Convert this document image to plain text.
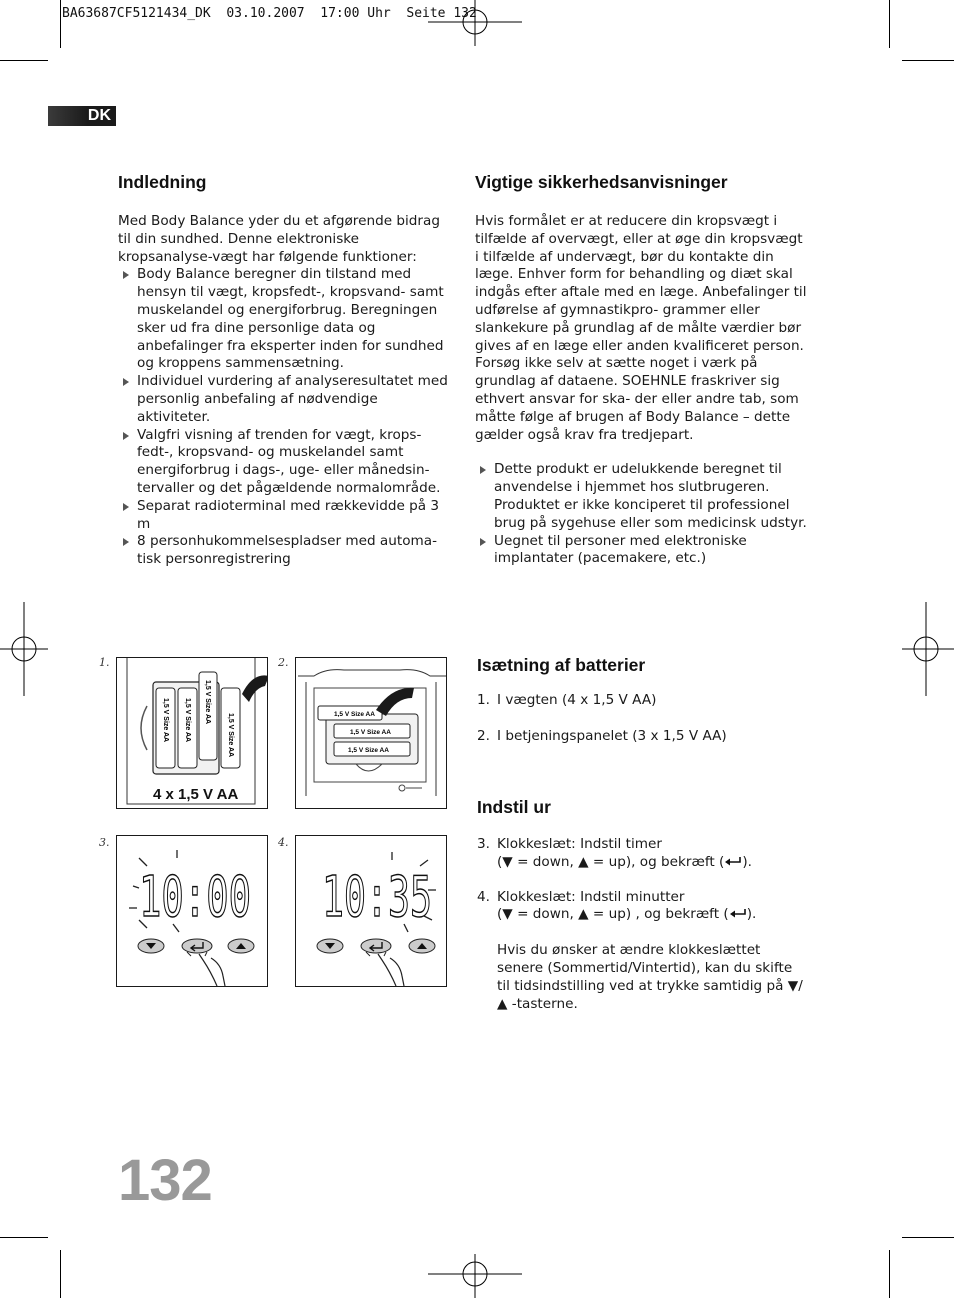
BA63687CF5121434_DK  03.10.2007  17:00 Uhr  Seite 132
DK
Indledning

Med Body Balance yder du et afgørende bidrag til din sundhed. Denne elektroniske kropsanalyse-vægt har følgende funktioner:

Body Balance beregner din tilstand med hensyn til vægt, kropsfedt-, kropsvand- samt muskelandel og energiforbrug. Beregningen sker ud fra dine personlige data og anbefalinger fra eksperter inden for sundhed og kroppens sammensætning.
Individuel vurdering af analyseresultatet med personlig anbefaling af nødvendige aktiviteter.
Valgfri visning af trenden for vægt, krops- fedt-, kropsvand- og muskelandel samt energiforbrug i dags-, uge- eller månedsin- tervaller og det pågældende normalområde.
Separat radioterminal med rækkevidde på 3 m
8 personhukommelsespladser med automa- tisk personregistrering
Vigtige sikkerhedsanvisninger

Hvis formålet er at reducere din kropsvægt i tilfælde af overvægt, eller at øge din kropsvægt i tilfælde af undervægt, bør du kontakte din læge. Enhver form for behandling og diæt skal indgås efter aftale med en læge. Anbefalinger til udførelse af gymnastikpro- grammer eller slankekure på grundlag af de målte værdier bør gives af en læge eller anden kvalificeret person. Forsøg ikke selv at sætte noget i værk på grundlag af dataene. SOEHNLE fraskriver sig ethvert ansvar for ska- der eller andre tab, som måtte følge af brugen af Body Balance – dette gælder også krav fra tredjepart.

Dette produkt er udelukkende beregnet til anvendelse i hjemmet hos slutbrugeren. Produktet er ikke konciperet til professionel brug på sygehuse eller som medicinsk udstyr.
Uegnet til personer med elektroniske implantater (pacemakere, etc.)
1.	2.
3.	4.
1,5 V Size AA 1,5 V Size AA 1,5 V Size AA
1,5 V Size AA
4 x 1,5 V AA
1,5 V Size AA
1,5 V Size AA
1,5 V Size AA
10:00 10:35
Isætning af batterier
1. I vægten (4 x 1,5 V AA)
2. I betjeningspanelet (3 x 1,5 V AA)
Indstil ur
3. Klokkeslæt: Indstil timer
(▼ = down, ▲ = up), og bekræft ( ).
4. Klokkeslæt: Indstil minutter
(▼ = down, ▲ = up) , og bekræft ( ).
Hvis du ønsker at ændre klokkeslættet senere (Sommertid/Vintertid), kan du skifte til tidsindstilling ved at trykke samtidig på ▼/▲ -tasterne.
132
